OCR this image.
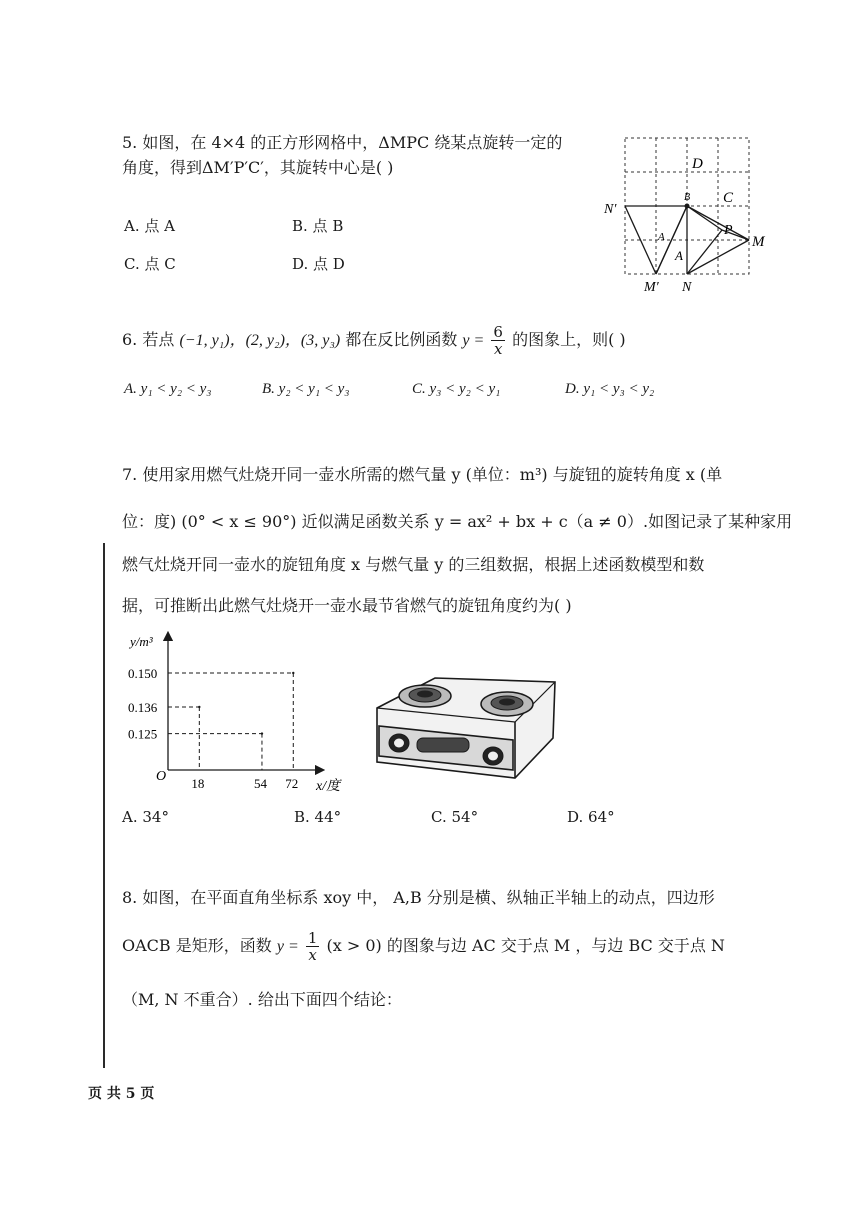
5. 如图，在 4×4 的正方形网格中，ΔMPC 绕某点旋转一定的
角度，得到ΔM′P′C′，其旋转中心是( )
A. 点 A	B. 点 B
C. 点 C	D. 点 D
D
C
N′
B
A	P
M
A
M′ N
6. 若点 (−1, y₁)，(2, y₂)，(3, y₃) 都在反比例函数 $y = \frac{6}{x}$ 的图象上，则( )
A. y₁ < y₂ < y₃	B. y₂ < y₁ < y₃	C. y₃ < y₂ < y₁	D. y₁ < y₃ < y₂
7. 使用家用燃气灶烧开同一壶水所需的燃气量 y (单位：m³) 与旋钮的旋转角度 x (单
位：度) (0° < x ≤ 90°) 近似满足函数关系 y = ax² + bx + c（a ≠ 0）.如图记录了某种家用
燃气灶烧开同一壶水的旋钮角度 x 与燃气量 y 的三组数据，根据上述函数模型和数
据，可推断出此燃气灶烧开一壶水最节省燃气的旋钮角度约为( )
y/m³
x/度
O
0.150
0.136
0.125
18	54 72
A. 34°	B. 44°	C. 54°	D. 64°
8. 如图，在平面直角坐标系 xoy 中， A,B 分别是横、纵轴正半轴上的动点，四边形
OACB 是矩形，函数 $y = \frac{1}{x} (x > 0)$ 的图象与边 AC 交于点 M ，与边 BC 交于点 N
（M, N 不重合）. 给出下面四个结论：
页 共 5 页
